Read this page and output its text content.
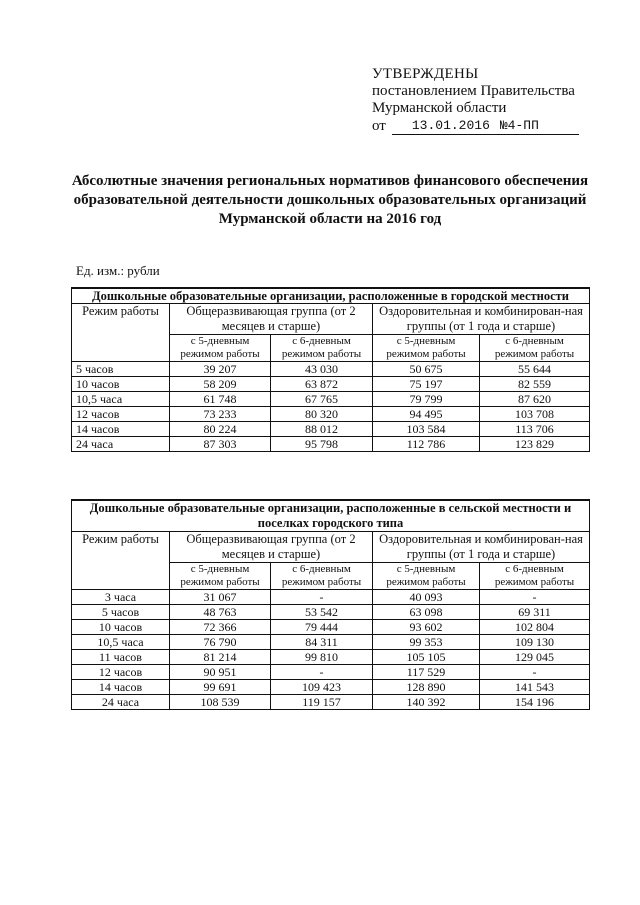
УТВЕРЖДЕНЫ
постановлением Правительства
Мурманской области
от	13.01.2016 №4-ПП
Абсолютные значения региональных нормативов финансового обеспечения образовательной деятельности дошкольных образовательных организаций Мурманской области на 2016 год
Ед. изм.: рубли
Дошкольные образовательные организации, расположенные в городской местности				
Режим работы	Общеразвивающая группа (от 2 месяцев и старше)		Оздоровительная и комбинирован-ная группы (от 1 года и старше)	
	с 5-дневным режимом работы	с 6-дневным режимом работы	с 5-дневным режимом работы	с 6-дневным режимом работы
5 часов	39 207	43 030	50 675	55 644
10 часов	58 209	63 872	75 197	82 559
10,5 часа	61 748	67 765	79 799	87 620
12 часов	73 233	80 320	94 495	103 708
14 часов	80 224	88 012	103 584	113 706
24 часа	87 303	95 798	112 786	123 829
Дошкольные образовательные организации, расположенные в сельской местности и поселках городского типа				
Режим работы	Общеразвивающая группа (от 2 месяцев и старше)		Оздоровительная и комбинирован-ная группы (от 1 года и старше)	
	с 5-дневным режимом работы	с 6-дневным режимом работы	с 5-дневным режимом работы	с 6-дневным режимом работы
3 часа	31 067	-	40 093	-
5 часов	48 763	53 542	63 098	69 311
10 часов	72 366	79 444	93 602	102 804
10,5 часа	76 790	84 311	99 353	109 130
11 часов	81 214	99 810	105 105	129 045
12 часов	90 951	-	117 529	-
14 часов	99 691	109 423	128 890	141 543
24 часа	108 539	119 157	140 392	154 196
